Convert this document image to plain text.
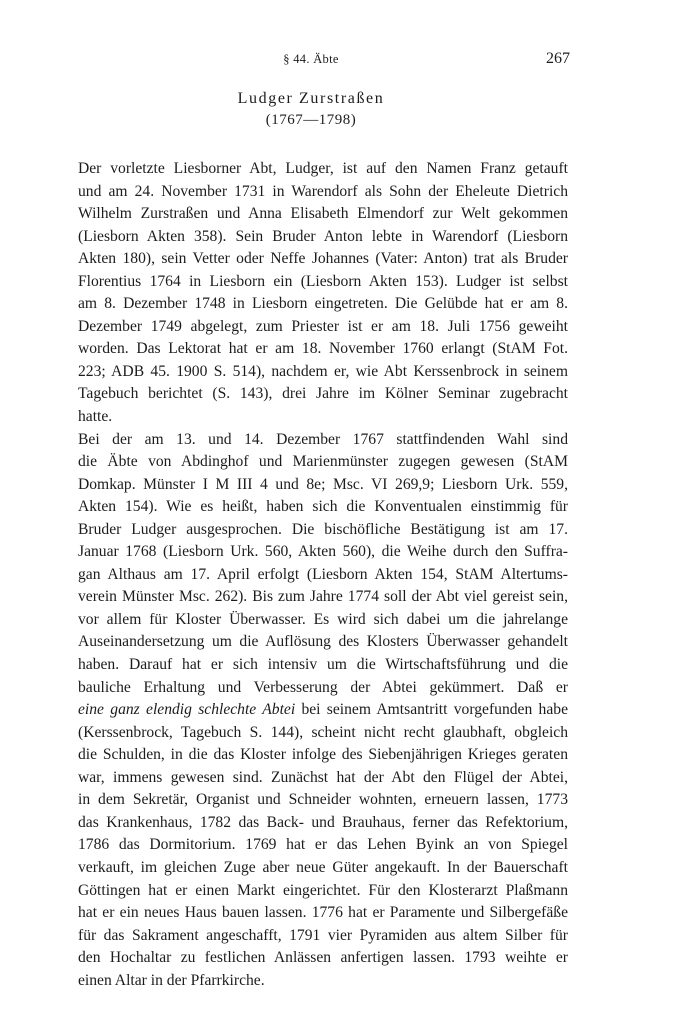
§ 44. Äbte	267
Ludger Zurstraßen
(1767—1798)

Der vorletzte Liesborner Abt, Ludger, ist auf den Namen Franz getauft
und am 24. November 1731 in Warendorf als Sohn der Eheleute Dietrich
Wilhelm Zurstraßen und Anna Elisabeth Elmendorf zur Welt gekommen
(Liesborn Akten 358). Sein Bruder Anton lebte in Warendorf (Liesborn
Akten 180), sein Vetter oder Neffe Johannes (Vater: Anton) trat als Bruder
Florentius 1764 in Liesborn ein (Liesborn Akten 153). Ludger ist selbst
am 8. Dezember 1748 in Liesborn eingetreten. Die Gelübde hat er am 8.
Dezember 1749 abgelegt, zum Priester ist er am 18. Juli 1756 geweiht
worden. Das Lektorat hat er am 18. November 1760 erlangt (StAM Fot.
223; ADB 45. 1900 S. 514), nachdem er, wie Abt Kerssenbrock in seinem
Tagebuch berichtet (S. 143), drei Jahre im Kölner Seminar zugebracht
hatte.

Bei der am 13. und 14. Dezember 1767 stattfindenden Wahl sind
die Äbte von Abdinghof und Marienmünster zugegen gewesen (StAM
Domkap. Münster I M III 4 und 8e; Msc. VI 269,9; Liesborn Urk. 559,
Akten 154). Wie es heißt, haben sich die Konventualen einstimmig für
Bruder Ludger ausgesprochen. Die bischöfliche Bestätigung ist am 17.
Januar 1768 (Liesborn Urk. 560, Akten 560), die Weihe durch den Suffra-
gan Althaus am 17. April erfolgt (Liesborn Akten 154, StAM Altertums-
verein Münster Msc. 262). Bis zum Jahre 1774 soll der Abt viel gereist sein,
vor allem für Kloster Überwasser. Es wird sich dabei um die jahrelange
Auseinandersetzung um die Auflösung des Klosters Überwasser gehandelt
haben. Darauf hat er sich intensiv um die Wirtschaftsführung und die
bauliche Erhaltung und Verbesserung der Abtei gekümmert. Daß er
eine ganz elendig schlechte Abtei bei seinem Amtsantritt vorgefunden habe
(Kerssenbrock, Tagebuch S. 144), scheint nicht recht glaubhaft, obgleich
die Schulden, in die das Kloster infolge des Siebenjährigen Krieges geraten
war, immens gewesen sind. Zunächst hat der Abt den Flügel der Abtei,
in dem Sekretär, Organist und Schneider wohnten, erneuern lassen, 1773
das Krankenhaus, 1782 das Back- und Brauhaus, ferner das Refektorium,
1786 das Dormitorium. 1769 hat er das Lehen Byink an von Spiegel
verkauft, im gleichen Zuge aber neue Güter angekauft. In der Bauerschaft
Göttingen hat er einen Markt eingerichtet. Für den Klosterarzt Plaßmann
hat er ein neues Haus bauen lassen. 1776 hat er Paramente und Silbergefäße
für das Sakrament angeschafft, 1791 vier Pyramiden aus altem Silber für
den Hochaltar zu festlichen Anlässen anfertigen lassen. 1793 weihte er
einen Altar in der Pfarrkirche.
